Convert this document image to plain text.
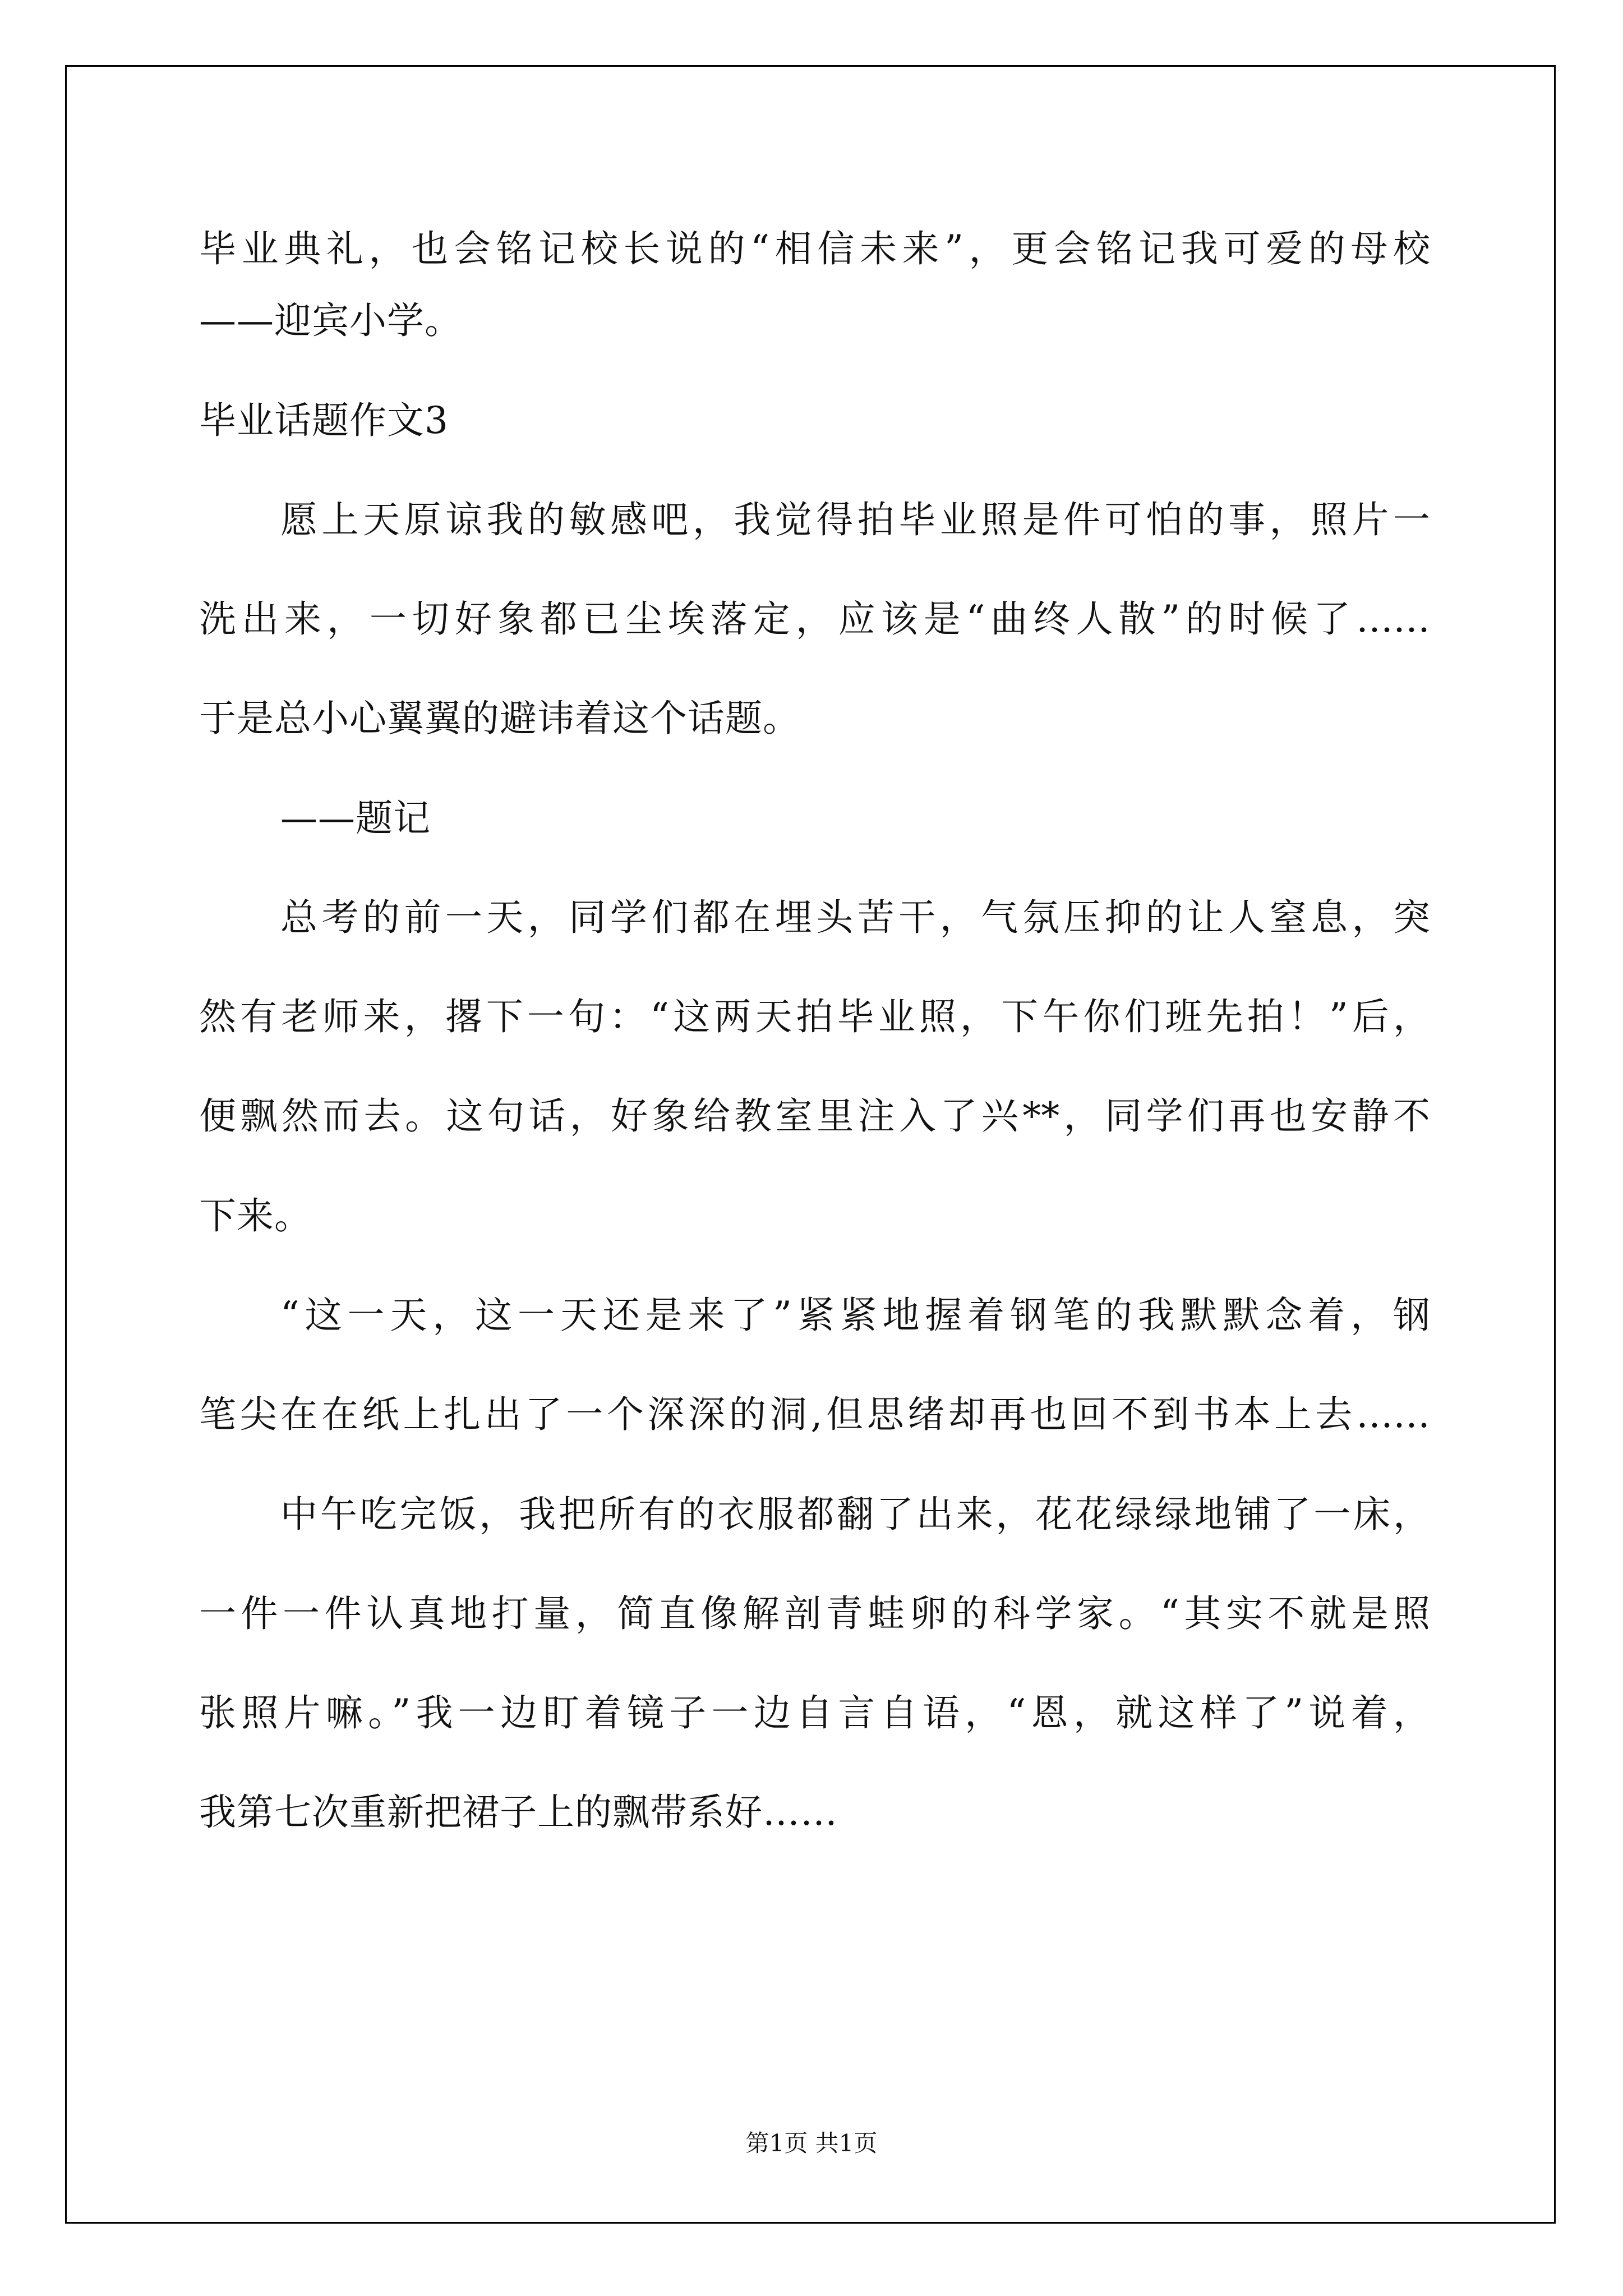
毕业典礼，也会铭记校长说的“相信未来”，更会铭记我可爱的母校
——迎宾小学。
毕业话题作文3
愿上天原谅我的敏感吧，我觉得拍毕业照是件可怕的事，照片一
洗出来，一切好象都已尘埃落定，应该是“曲终人散”的时候了……
于是总小心翼翼的避讳着这个话题。
——题记
总考的前一天，同学们都在埋头苦干，气氛压抑的让人窒息，突
然有老师来，撂下一句：“这两天拍毕业照，下午你们班先拍！”后，
便飘然而去。这句话，好象给教室里注入了兴**，同学们再也安静不
下来。
“这一天，这一天还是来了”紧紧地握着钢笔的我默默念着，钢
笔尖在在纸上扎出了一个深深的洞,但思绪却再也回不到书本上去……
中午吃完饭，我把所有的衣服都翻了出来，花花绿绿地铺了一床，
一件一件认真地打量，简直像解剖青蛙卵的科学家。“其实不就是照
张照片嘛。”我一边盯着镜子一边自言自语，“恩，就这样了”说着，
我第七次重新把裙子上的飘带系好……
第1页 共1页
